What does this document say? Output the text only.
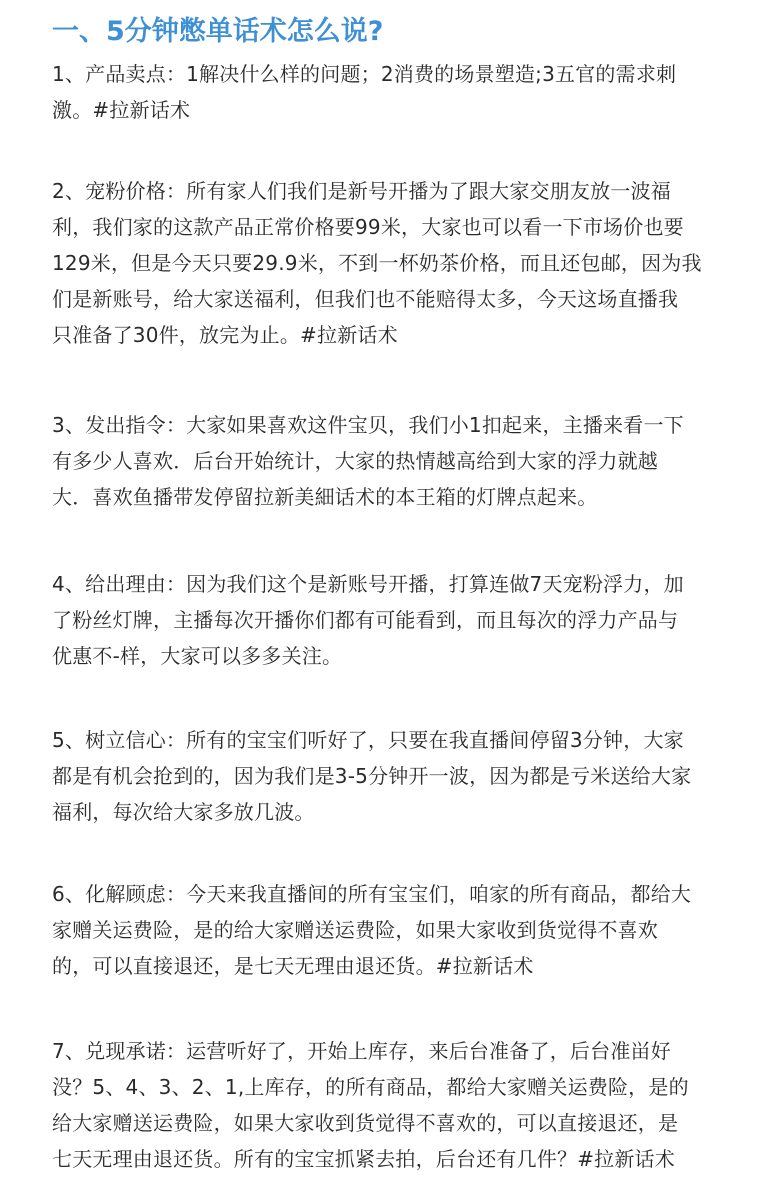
一、5分钟憋单话术怎么说?
1、产品卖点：1解决什么样的问题；2消费的场景塑造;3五官的需求刺
激。#拉新话术
2、宠粉价格：所有家人们我们是新号开播为了跟大家交朋友放一波福
利，我们家的这款产品正常价格要99米，大家也可以看一下市场价也要
129米，但是今天只要29.9米，不到一杯奶茶价格，而且还包邮，因为我
们是新账号，给大家送福利，但我们也不能赔得太多，今天这场直播我
只准备了30件，放完为止。#拉新话术
3、发出指令：大家如果喜欢这件宝贝，我们小1扣起来，主播来看一下
有多少人喜欢．后台开始统计，大家的热情越高给到大家的浮力就越
大．喜欢鱼播带发停留拉新美細话术的本王箱的灯牌点起来。
4、给出理由：因为我们这个是新账号开播，打算连做7天宠粉浮力，加
了粉丝灯牌，主播每次开播你们都有可能看到，而且每次的浮力产品与
优惠不-样，大家可以多多关注。
5、树立信心：所有的宝宝们听好了，只要在我直播间停留3分钟，大家
都是有机会抢到的，因为我们是3-5分钟开一波，因为都是亏米送给大家
福利，每次给大家多放几波。
6、化解顾虑：今天来我直播间的所有宝宝们，咱家的所有商品，都给大
家赠关运费险，是的给大家赠送运费险，如果大家收到货觉得不喜欢
的，可以直接退还，是七天无理由退还货。#拉新话术
7、兑现承诺：运营听好了，开始上库存，来后台准备了，后台准畄好
没？5、4、3、2、1,上库存，的所有商品，都给大家赠关运费险，是的
给大家赠送运费险，如果大家收到货觉得不喜欢的，可以直接退还，是
七天无理由退还货。所有的宝宝抓紧去拍，后台还有几件？#拉新话术
